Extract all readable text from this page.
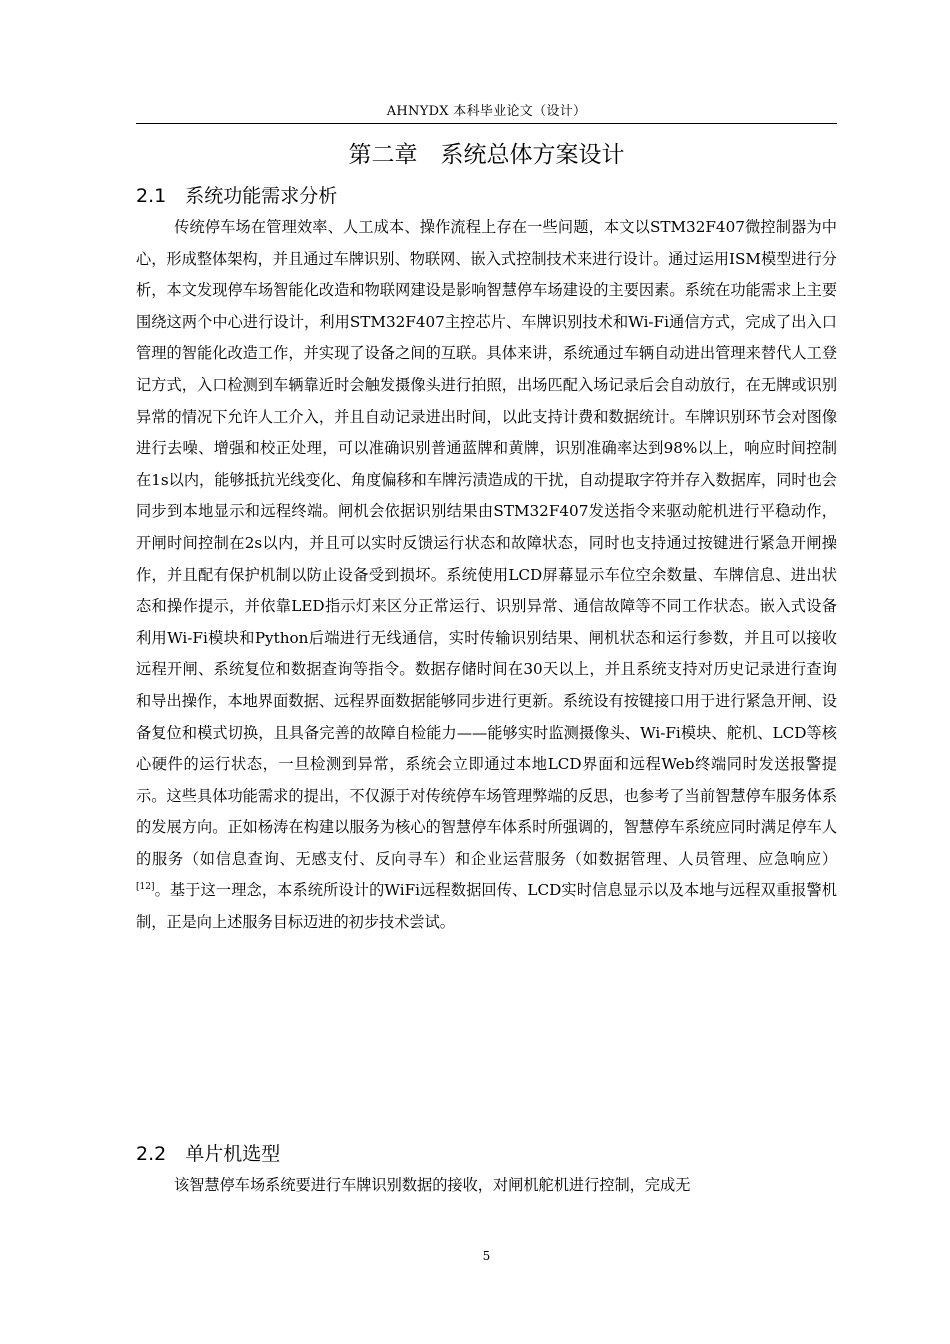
AHNYDX 本科毕业论文（设计）
第二章　系统总体方案设计
2.1　系统功能需求分析

传统停车场在管理效率、人工成本、操作流程上存在一些问题，本文以STM32F407微控制器为中心，形成整体架构，并且通过车牌识别、物联网、嵌入式控制技术来进行设计。通过运用ISM模型进行分析，本文发现停车场智能化改造和物联网建设是影响智慧停车场建设的主要因素。系统在功能需求上主要围绕这两个中心进行设计，利用STM32F407主控芯片、车牌识别技术和Wi-Fi通信方式，完成了出入口管理的智能化改造工作，并实现了设备之间的互联。具体来讲，系统通过车辆自动进出管理来替代人工登记方式，入口检测到车辆靠近时会触发摄像头进行拍照，出场匹配入场记录后会自动放行，在无牌或识别异常的情况下允许人工介入，并且自动记录进出时间，以此支持计费和数据统计。车牌识别环节会对图像进行去噪、增强和校正处理，可以准确识别普通蓝牌和黄牌，识别准确率达到98%以上，响应时间控制在1s以内，能够抵抗光线变化、角度偏移和车牌污渍造成的干扰，自动提取字符并存入数据库，同时也会同步到本地显示和远程终端。闸机会依据识别结果由STM32F407发送指令来驱动舵机进行平稳动作，开闸时间控制在2s以内，并且可以实时反馈运行状态和故障状态，同时也支持通过按键进行紧急开闸操作，并且配有保护机制以防止设备受到损坏。系统使用LCD屏幕显示车位空余数量、车牌信息、进出状态和操作提示，并依靠LED指示灯来区分正常运行、识别异常、通信故障等不同工作状态。嵌入式设备利用Wi-Fi模块和Python后端进行无线通信，实时传输识别结果、闸机状态和运行参数，并且可以接收远程开闸、系统复位和数据查询等指令。数据存储时间在30天以上，并且系统支持对历史记录进行查询和导出操作，本地界面数据、远程界面数据能够同步进行更新。系统设有按键接口用于进行紧急开闸、设备复位和模式切换，且具备完善的故障自检能力——能够实时监测摄像头、Wi-Fi模块、舵机、LCD等核心硬件的运行状态，一旦检测到异常，系统会立即通过本地LCD界面和远程Web终端同时发送报警提示。这些具体功能需求的提出，不仅源于对传统停车场管理弊端的反思，也参考了当前智慧停车服务体系的发展方向。正如杨涛在构建以服务为核心的智慧停车体系时所强调的，智慧停车系统应同时满足停车人的服务（如信息查询、无感支付、反向寻车）和企业运营服务（如数据管理、人员管理、应急响应）[12]。基于这一理念，本系统所设计的WiFi远程数据回传、LCD实时信息显示以及本地与远程双重报警机制，正是向上述服务目标迈进的初步技术尝试。

2.2　单片机选型

该智慧停车场系统要进行车牌识别数据的接收，对闸机舵机进行控制，完成无

5
